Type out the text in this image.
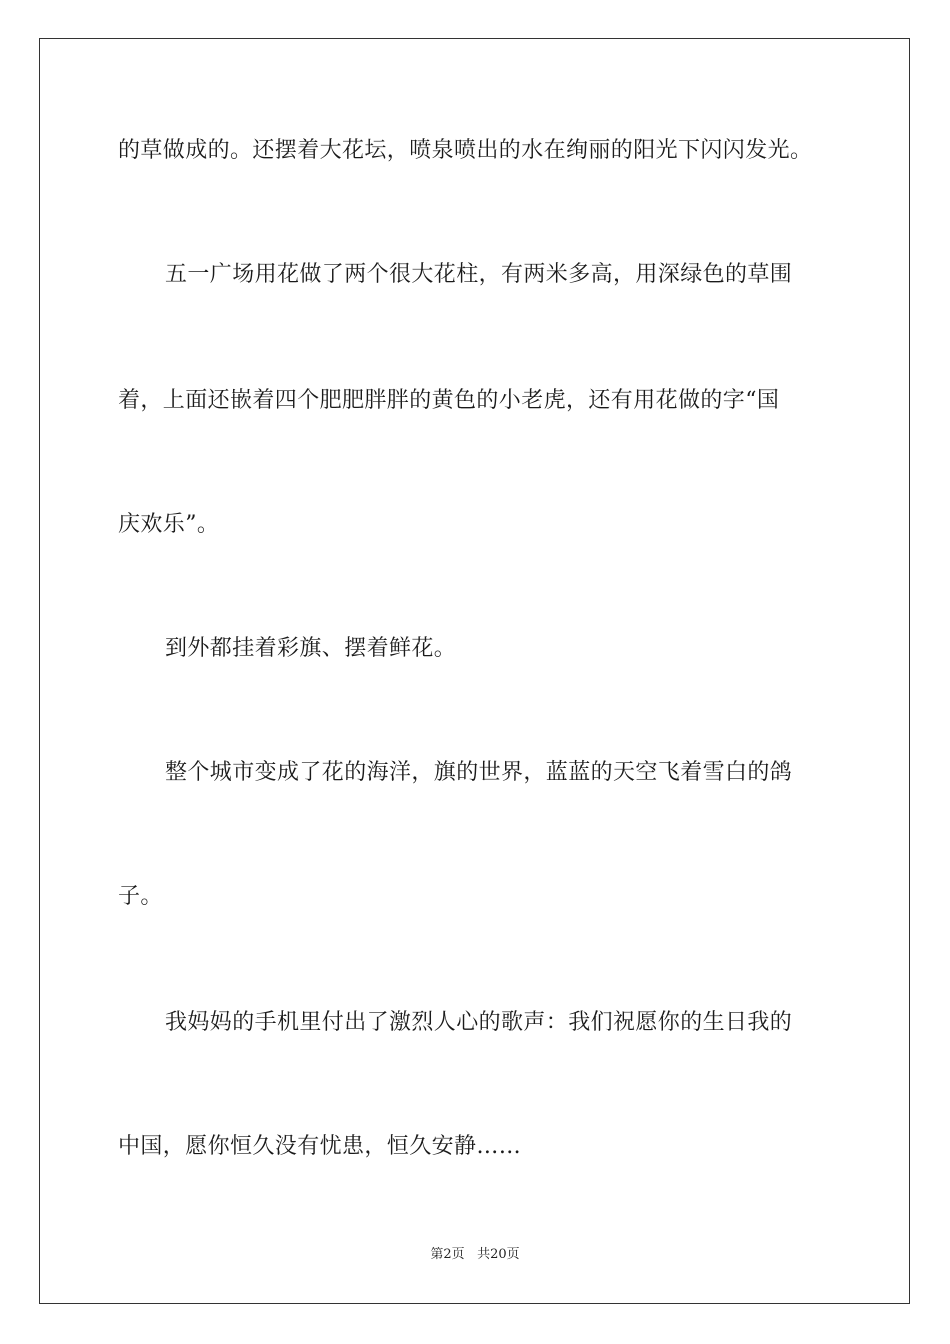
的草做成的。还摆着大花坛，喷泉喷出的水在绚丽的阳光下闪闪发光。
五一广场用花做了两个很大花柱，有两米多高，用深绿色的草围
着，上面还嵌着四个肥肥胖胖的黄色的小老虎，还有用花做的字“国
庆欢乐”。
到外都挂着彩旗、摆着鲜花。
整个城市变成了花的海洋，旗的世界，蓝蓝的天空飞着雪白的鸽
子。
我妈妈的手机里付出了激烈人心的歌声：我们祝愿你的生日我的
中国，愿你恒久没有忧患，恒久安静……
第2页 共20页
